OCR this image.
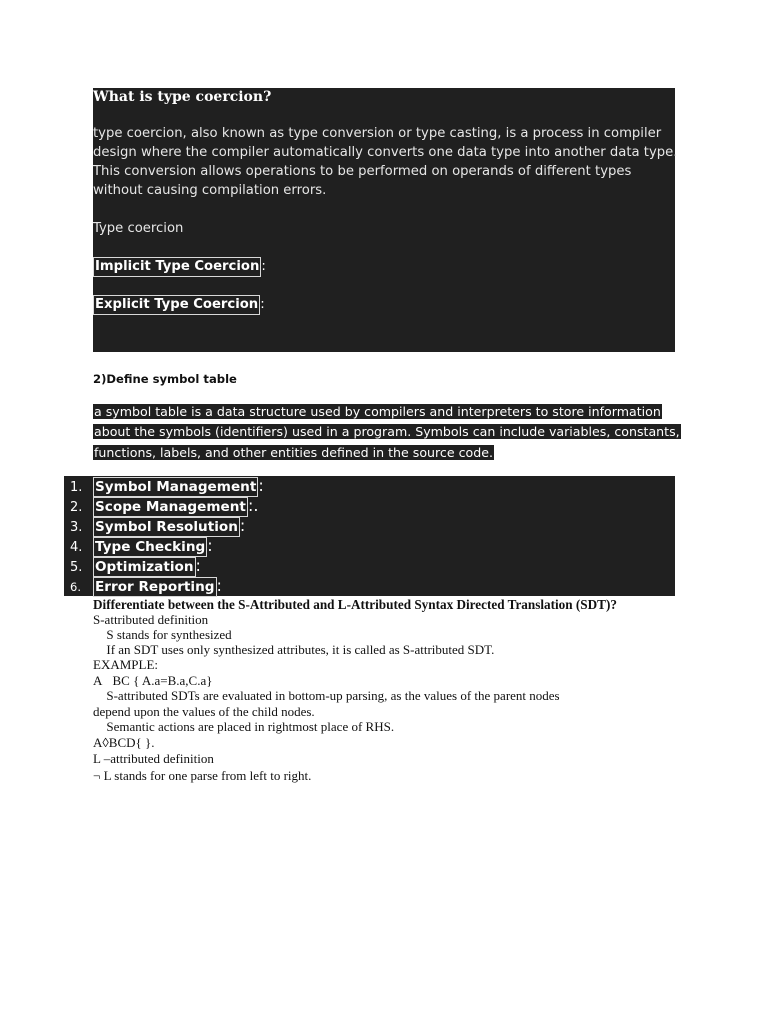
What is type coercion?

type coercion, also known as type conversion or type casting, is a process in compiler design where the compiler automatically converts one data type into another data type. This conversion allows operations to be performed on operands of different types without causing compilation errors.

Type coercion
Implicit Type Coercion :
Explicit Type Coercion :
2)Define symbol table
a symbol table is a data structure used by compilers and interpreters to store information
about the symbols (identifiers) used in a program. Symbols can include variables, constants,
functions, labels, and other entities defined in the source code.
1. Symbol Management :
2. Scope Management :.
3. Symbol Resolution :
4. Type Checking :
5. Optimization :
6. Error Reporting :
Differentiate between the S-Attributed and L-Attributed Syntax Directed Translation (SDT)?
S-attributed definition
S stands for synthesized
If an SDT uses only synthesized attributes, it is called as S-attributed SDT.
EXAMPLE:
A BC { A.a=B.a,C.a}
S-attributed SDTs are evaluated in bottom-up parsing, as the values of the parent nodes
depend upon the values of the child nodes.
Semantic actions are placed in rightmost place of RHS.
A◊BCD{ }.
L –attributed definition
¬ L stands for one parse from left to right.
